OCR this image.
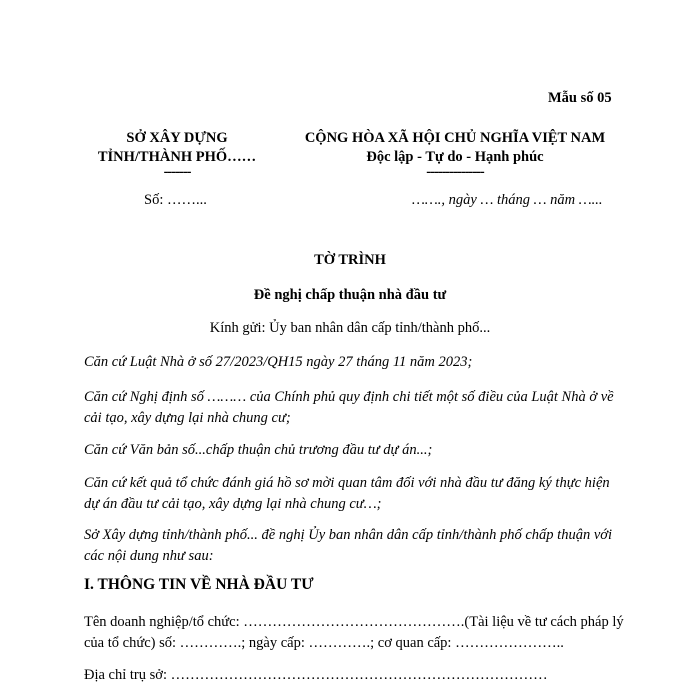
Mẫu số 05
SỞ XÂY DỰNG
TỈNH/THÀNH PHỐ……
-------
CỘNG HÒA XÃ HỘI CHỦ NGHĨA VIỆT NAM
Độc lập - Tự do - Hạnh phúc
---------------
Số: ……...	……., ngày … tháng … năm …...
TỜ TRÌNH
Đề nghị chấp thuận nhà đầu tư
Kính gửi: Ủy ban nhân dân cấp tỉnh/thành phố...
Căn cứ Luật Nhà ở số 27/2023/QH15 ngày 27 tháng 11 năm 2023;
Căn cứ Nghị định số ……… của Chính phủ quy định chi tiết một số điều của Luật Nhà ở về cải tạo, xây dựng lại nhà chung cư;
Căn cứ Văn bản số...chấp thuận chủ trương đầu tư dự án...;
Căn cứ kết quả tổ chức đánh giá hồ sơ mời quan tâm đối với nhà đầu tư đăng ký thực hiện dự án đầu tư cải tạo, xây dựng lại nhà chung cư…;
Sở Xây dựng tỉnh/thành phố... đề nghị Ủy ban nhân dân cấp tỉnh/thành phố chấp thuận với các nội dung như sau:
I. THÔNG TIN VỀ NHÀ ĐẦU TƯ
Tên doanh nghiệp/tổ chức: ……………………………………….(Tài liệu về tư cách pháp lý của tổ chức) số: ………….; ngày cấp: ………….; cơ quan cấp: …………………..
Địa chỉ trụ sở: ……………………………………………………………………
